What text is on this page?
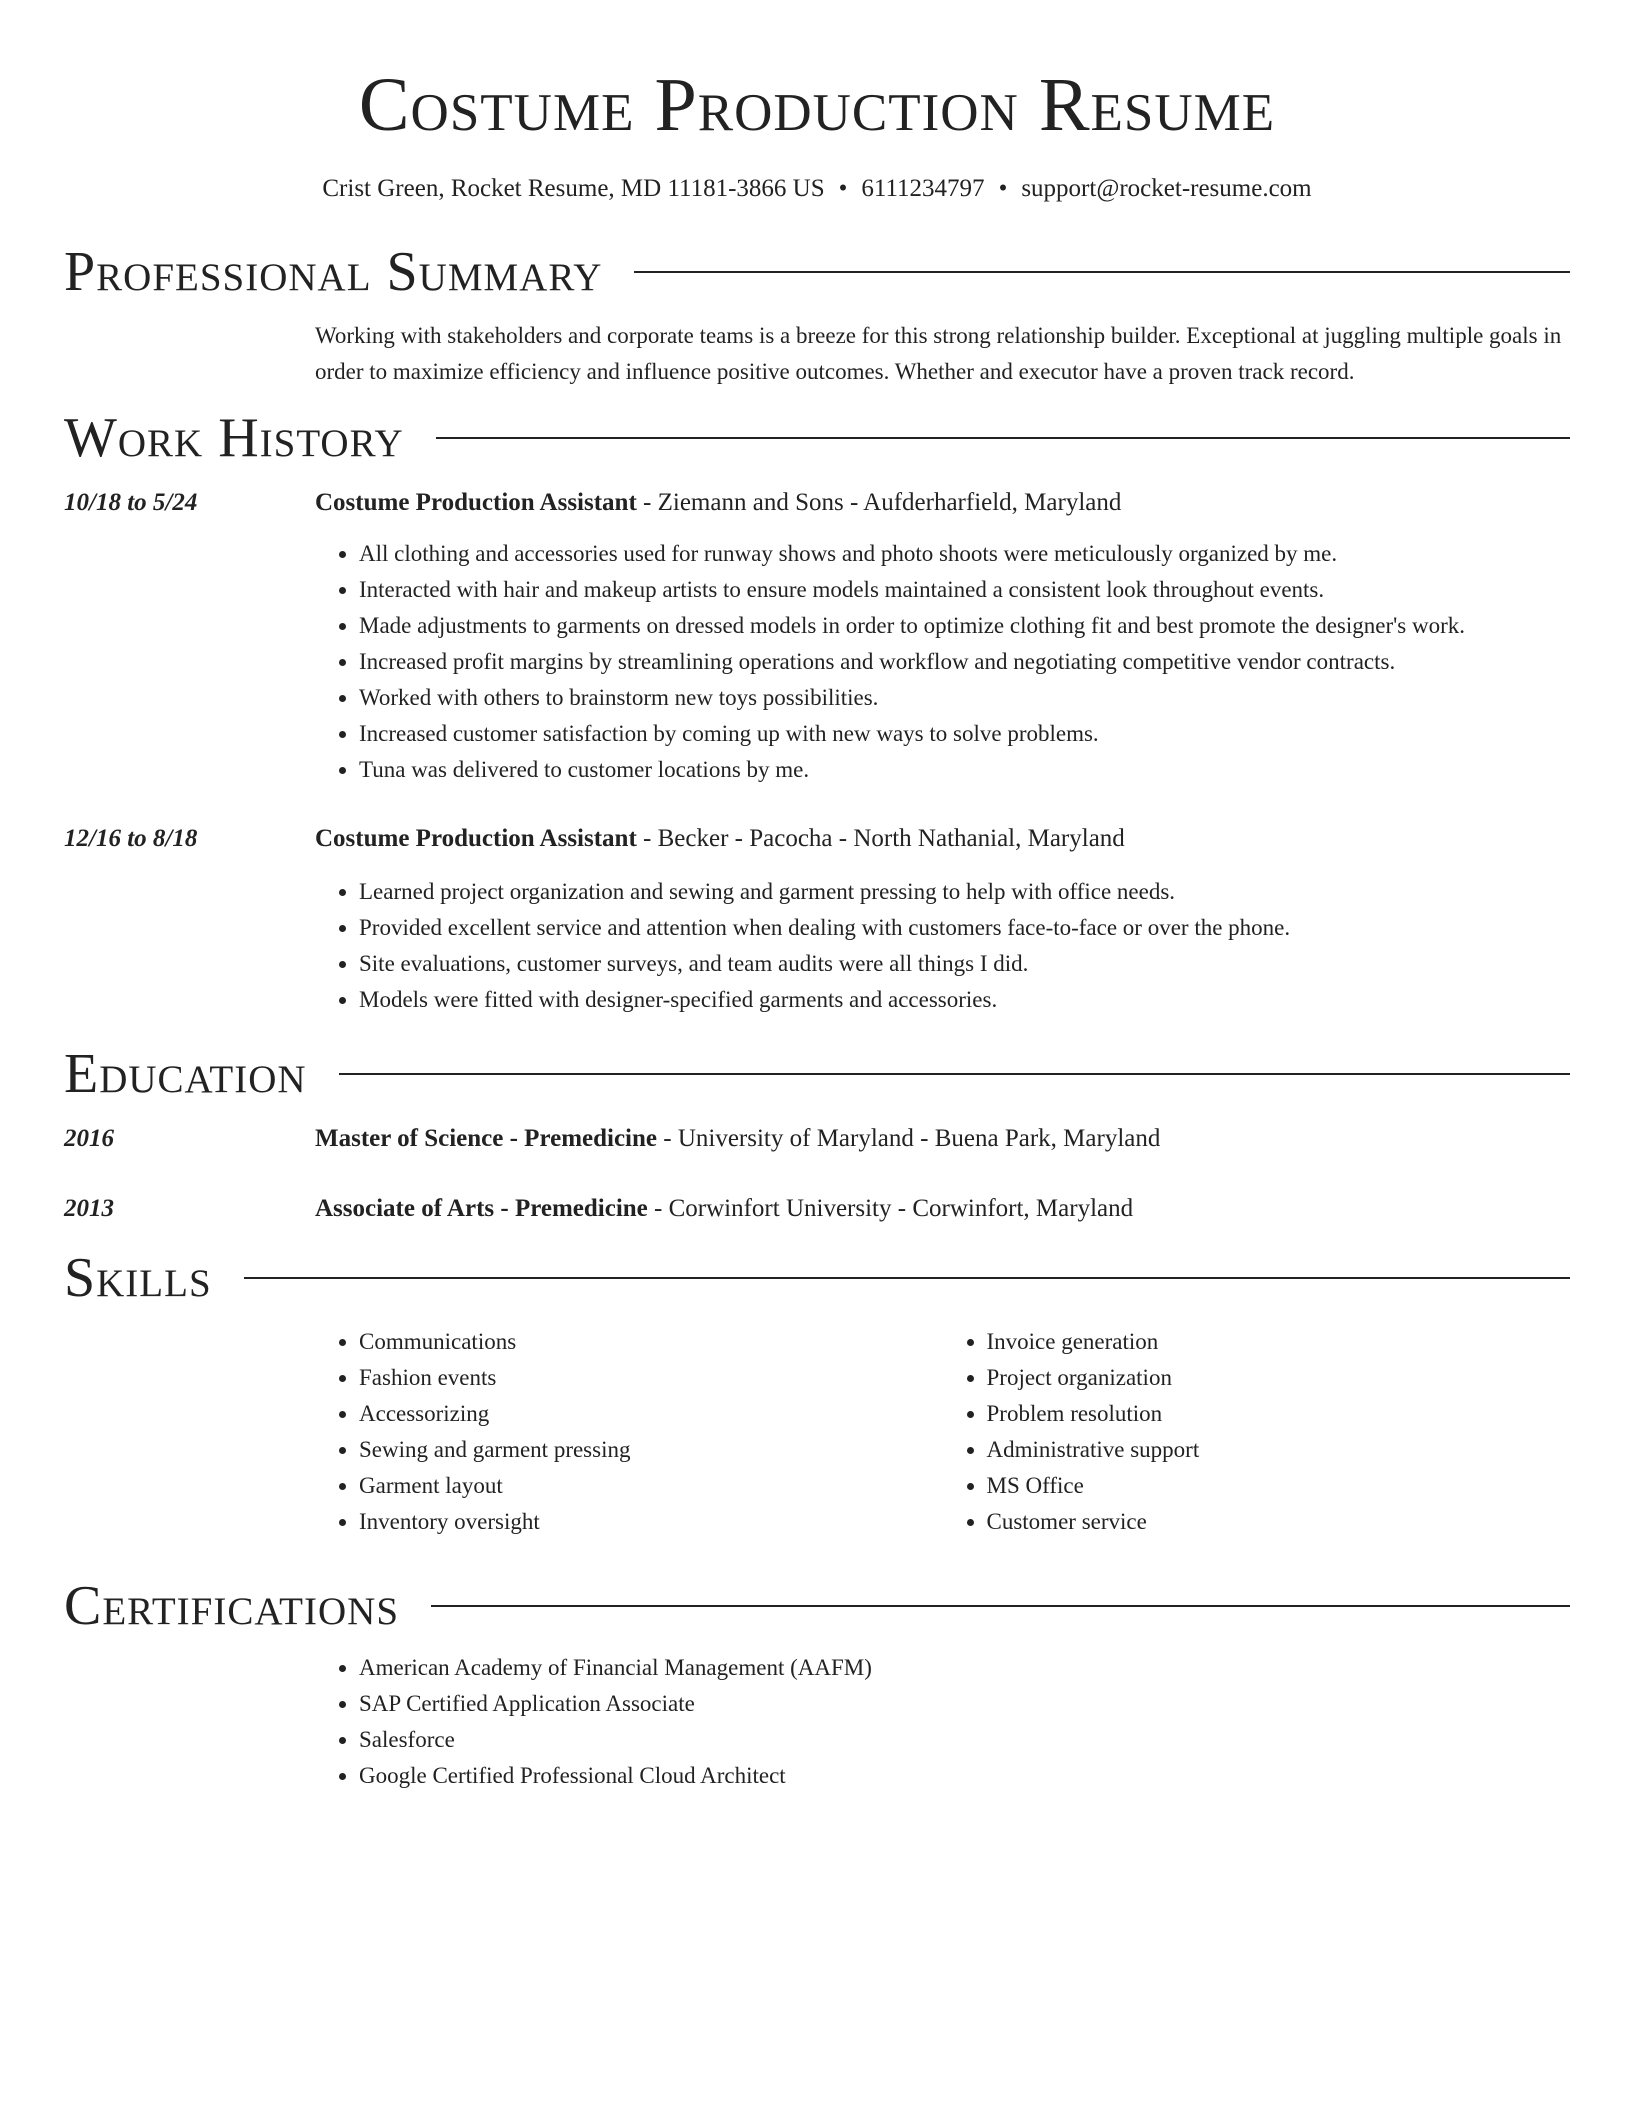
Costume Production Resume
Crist Green, Rocket Resume, MD 11181-3866 US • 6111234797 • support@rocket-resume.com
Professional Summary
Working with stakeholders and corporate teams is a breeze for this strong relationship builder. Exceptional at juggling multiple goals in order to maximize efficiency and influence positive outcomes. Whether and executor have a proven track record.
Work History
10/18 to 5/24	Costume Production Assistant - Ziemann and Sons - Aufderharfield, Maryland
• All clothing and accessories used for runway shows and photo shoots were meticulously organized by me.
• Interacted with hair and makeup artists to ensure models maintained a consistent look throughout events.
• Made adjustments to garments on dressed models in order to optimize clothing fit and best promote the designer's work.
• Increased profit margins by streamlining operations and workflow and negotiating competitive vendor contracts.
• Worked with others to brainstorm new toys possibilities.
• Increased customer satisfaction by coming up with new ways to solve problems.
• Tuna was delivered to customer locations by me.
12/16 to 8/18	Costume Production Assistant - Becker - Pacocha - North Nathanial, Maryland
• Learned project organization and sewing and garment pressing to help with office needs.
• Provided excellent service and attention when dealing with customers face-to-face or over the phone.
• Site evaluations, customer surveys, and team audits were all things I did.
• Models were fitted with designer-specified garments and accessories.
Education
2016	Master of Science - Premedicine - University of Maryland - Buena Park, Maryland
2013	Associate of Arts - Premedicine - Corwinfort University - Corwinfort, Maryland
Skills
• Communications
• Fashion events
• Accessorizing
• Sewing and garment pressing
• Garment layout
• Inventory oversight
• Invoice generation
• Project organization
• Problem resolution
• Administrative support
• MS Office
• Customer service
Certifications
• American Academy of Financial Management (AAFM)
• SAP Certified Application Associate
• Salesforce
• Google Certified Professional Cloud Architect
